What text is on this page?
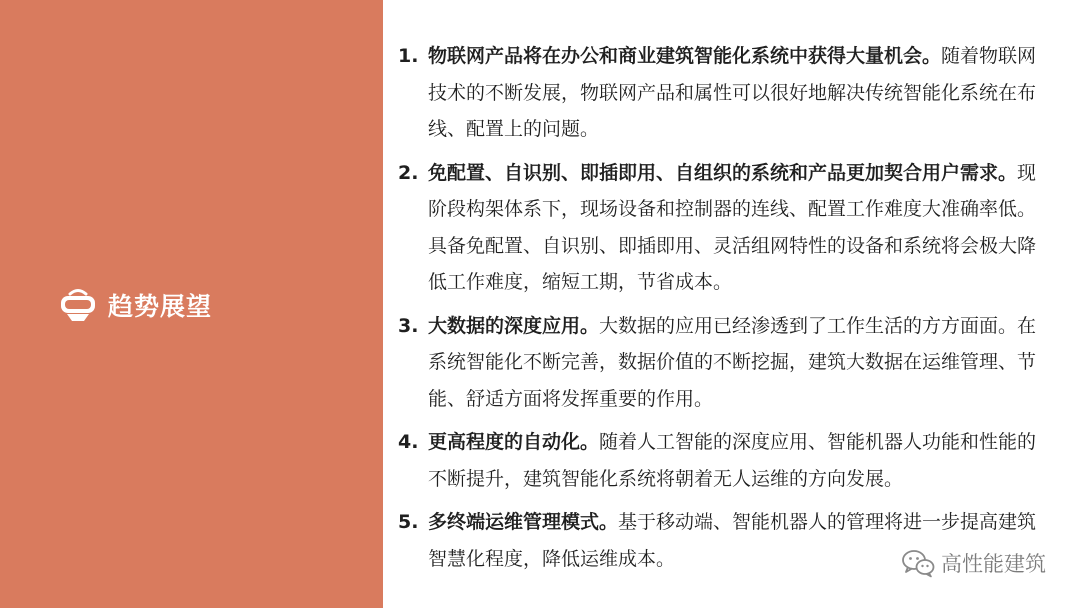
趋势展望
1. 物联网产品将在办公和商业建筑智能化系统中获得大量机会。随着物联网技术的不断发展，物联网产品和属性可以很好地解决传统智能化系统在布线、配置上的问题。
2. 免配置、自识别、即插即用、自组织的系统和产品更加契合用户需求。现阶段构架体系下，现场设备和控制器的连线、配置工作难度大准确率低。具备免配置、自识别、即插即用、灵活组网特性的设备和系统将会极大降低工作难度，缩短工期，节省成本。
3. 大数据的深度应用。大数据的应用已经渗透到了工作生活的方方面面。在系统智能化不断完善，数据价值的不断挖掘，建筑大数据在运维管理、节能、舒适方面将发挥重要的作用。
4. 更高程度的自动化。随着人工智能的深度应用、智能机器人功能和性能的不断提升，建筑智能化系统将朝着无人运维的方向发展。
5. 多终端运维管理模式。基于移动端、智能机器人的管理将进一步提高建筑智慧化程度，降低运维成本。	高性能建筑
